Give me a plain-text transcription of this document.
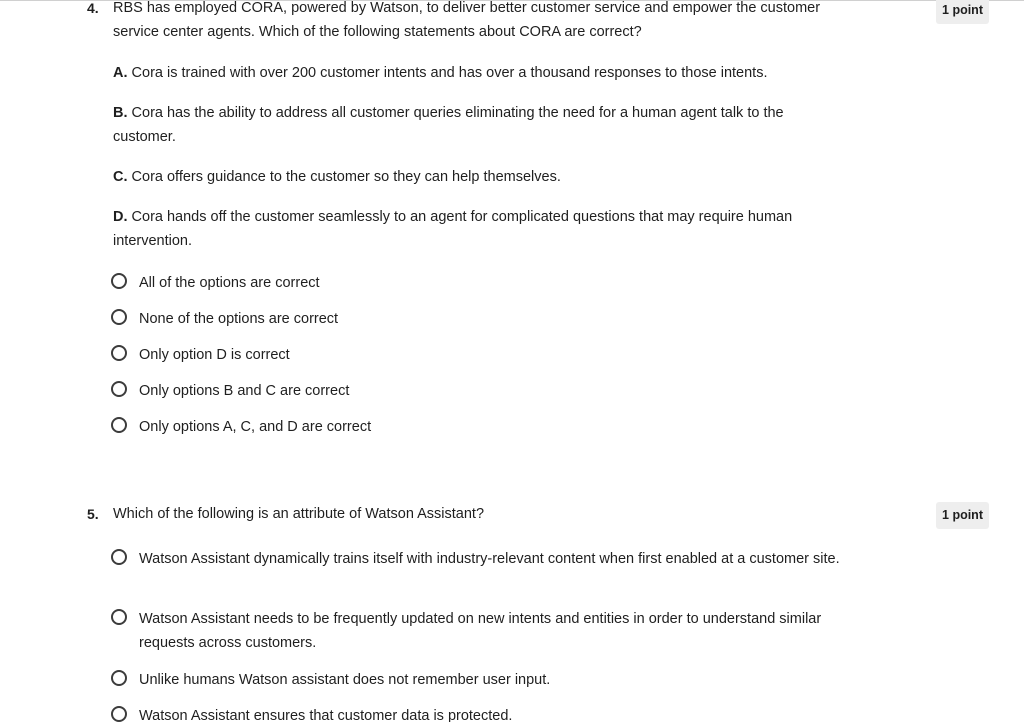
4. RBS has employed CORA, powered by Watson, to deliver better customer service and empower the customer service center agents. Which of the following statements about CORA are correct?

1 point

A. Cora is trained with over 200 customer intents and has over a thousand responses to those intents.

B. Cora has the ability to address all customer queries eliminating the need for a human agent talk to the customer.

C. Cora offers guidance to the customer so they can help themselves.

D. Cora hands off the customer seamlessly to an agent for complicated questions that may require human intervention.

All of the options are correct
None of the options are correct
Only option D is correct
Only options B and C are correct
Only options A, C, and D are correct
5. Which of the following is an attribute of Watson Assistant?	1 point
Watson Assistant dynamically trains itself with industry-relevant content when first enabled at a customer site.
Watson Assistant needs to be frequently updated on new intents and entities in order to understand similar requests across customers.
Unlike humans Watson assistant does not remember user input.
Watson Assistant ensures that customer data is protected.
